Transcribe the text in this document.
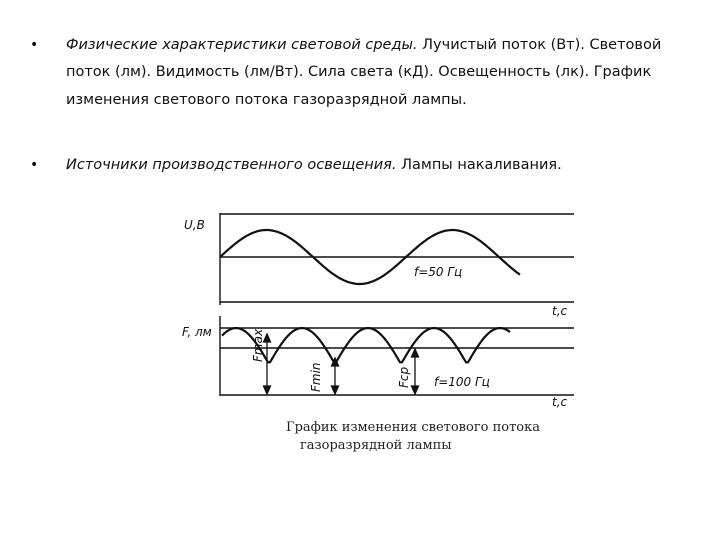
• Физические характеристики световой среды. Лучистый поток (Вт). Световой
поток (лм). Видимость (лм/Вт). Сила света (кД). Освещенность (лк). График
изменения светового потока газоразрядной лампы.
• Источники производственного освещения. Лампы накаливания.
U,В
f=50 Гц
t,c
F, лм	Fmax
Fmin	Fср f=100 Гц
t,c
График изменения светового потока
газоразрядной лампы
